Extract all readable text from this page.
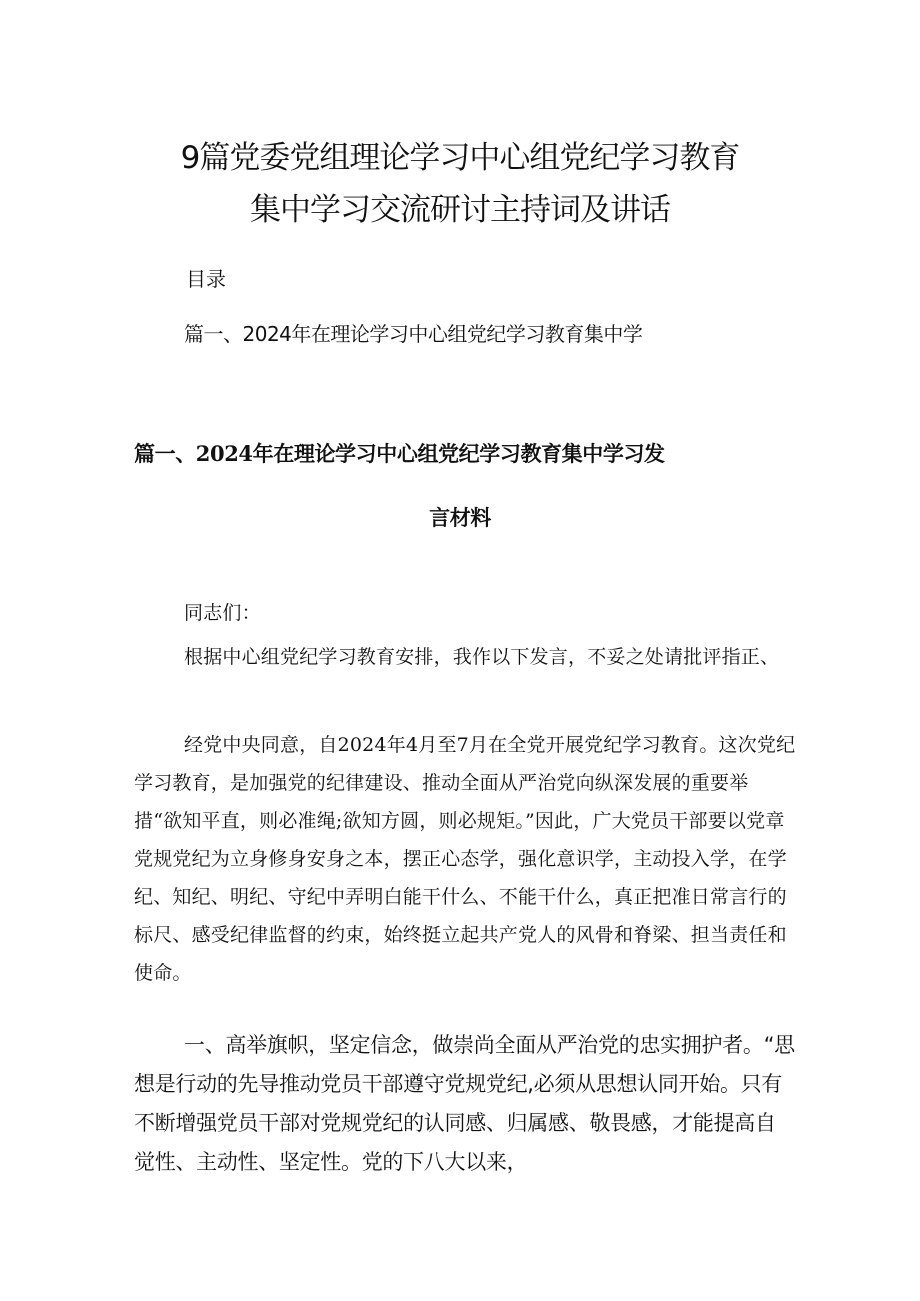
9篇党委党组理论学习中心组党纪学习教育
集中学习交流研讨主持词及讲话
目录
篇一、2024年在理论学习中心组党纪学习教育集中学
篇一、2024年在理论学习中心组党纪学习教育集中学习发
言材料

同志们：

根据中心组党纪学习教育安排，我作以下发言，不妥之处请批评指正、

经党中央同意，自2024年4月至7月在全党开展党纪学习教育。这次党纪学习教育，是加强党的纪律建设、推动全面从严治党向纵深发展的重要举措“欲知平直，则必准绳;欲知方圆，则必规矩。”因此，广大党员干部要以党章党规党纪为立身修身安身之本，摆正心态学，强化意识学，主动投入学，在学纪、知纪、明纪、守纪中弄明白能干什么、不能干什么，真正把准日常言行的标尺、感受纪律监督的约束，始终挺立起共产党人的风骨和脊梁、担当责任和使命。

一、高举旗帜，坚定信念，做崇尚全面从严治党的忠实拥护者。“思想是行动的先导推动党员干部遵守党规党纪,必须从思想认同开始。只有不断增强党员干部对党规党纪的认同感、归属感、敬畏感，才能提高自觉性、主动性、坚定性。党的下八大以来，
